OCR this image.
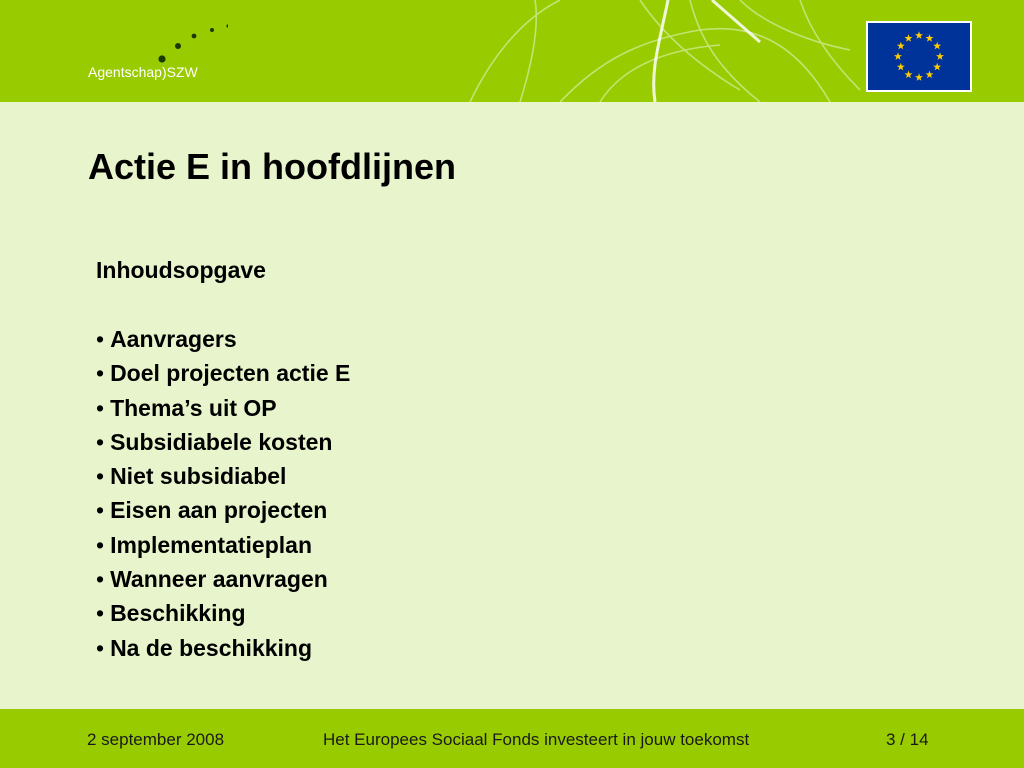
Agentschap)SZW
Actie E in hoofdlijnen
Inhoudsopgave
• Aanvragers
• Doel projecten actie E
• Thema’s uit OP
• Subsidiabele kosten
• Niet subsidiabel
• Eisen aan projecten
• Implementatieplan
• Wanneer aanvragen
• Beschikking
• Na de beschikking
2 september 2008	Het Europees Sociaal Fonds investeert in jouw toekomst	3 / 14
